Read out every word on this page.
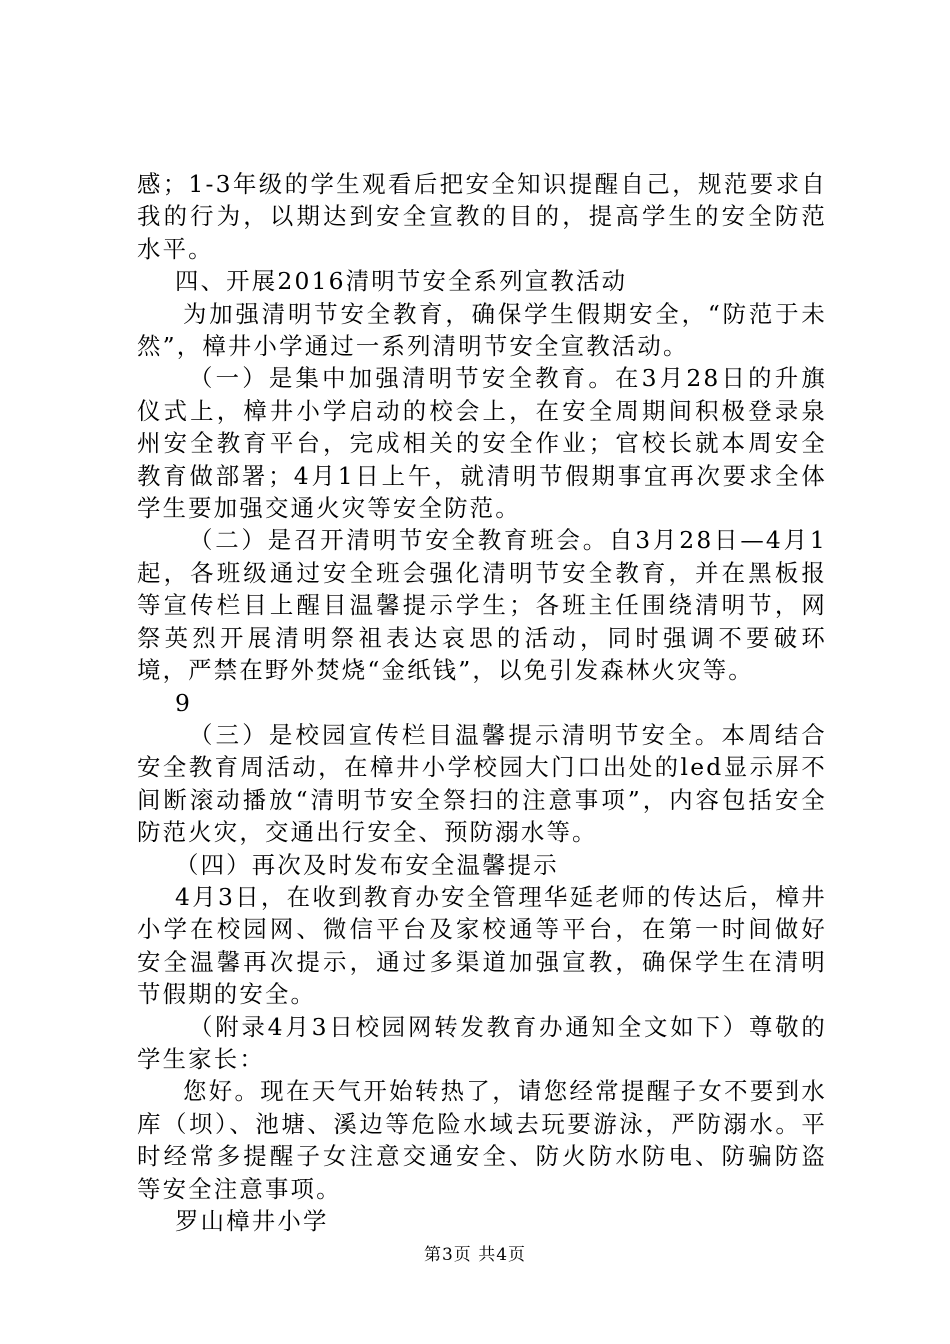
感；1-3年级的学生观看后把安全知识提醒自己，规范要求自我的行为，以期达到安全宣教的目的，提高学生的安全防范水平。

四、开展2016清明节安全系列宣教活动

为加强清明节安全教育，确保学生假期安全，“防范于未然”，樟井小学通过一系列清明节安全宣教活动。

（一）是集中加强清明节安全教育。在3月28日的升旗仪式上，樟井小学启动的校会上，在安全周期间积极登录泉州安全教育平台，完成相关的安全作业；官校长就本周安全教育做部署；4月1日上午，就清明节假期事宜再次要求全体学生要加强交通火灾等安全防范。

（二）是召开清明节安全教育班会。自3月28日—4月1起，各班级通过安全班会强化清明节安全教育，并在黑板报等宣传栏目上醒目温馨提示学生；各班主任围绕清明节，网祭英烈开展清明祭祖表达哀思的活动，同时强调不要破环境，严禁在野外焚烧“金纸钱”，以免引发森林火灾等。

9

（三）是校园宣传栏目温馨提示清明节安全。本周结合安全教育周活动，在樟井小学校园大门口出处的led显示屏不间断滚动播放“清明节安全祭扫的注意事项”，内容包括安全防范火灾，交通出行安全、预防溺水等。

（四）再次及时发布安全温馨提示

4月3日，在收到教育办安全管理华延老师的传达后，樟井小学在校园网、微信平台及家校通等平台，在第一时间做好安全温馨再次提示，通过多渠道加强宣教，确保学生在清明节假期的安全。

（附录4月3日校园网转发教育办通知全文如下）尊敬的学生家长：

您好。现在天气开始转热了，请您经常提醒子女不要到水库（坝）、池塘、溪边等危险水域去玩要游泳，严防溺水。平时经常多提醒子女注意交通安全、防火防水防电、防骗防盗等安全注意事项。

罗山樟井小学

第3页 共4页
